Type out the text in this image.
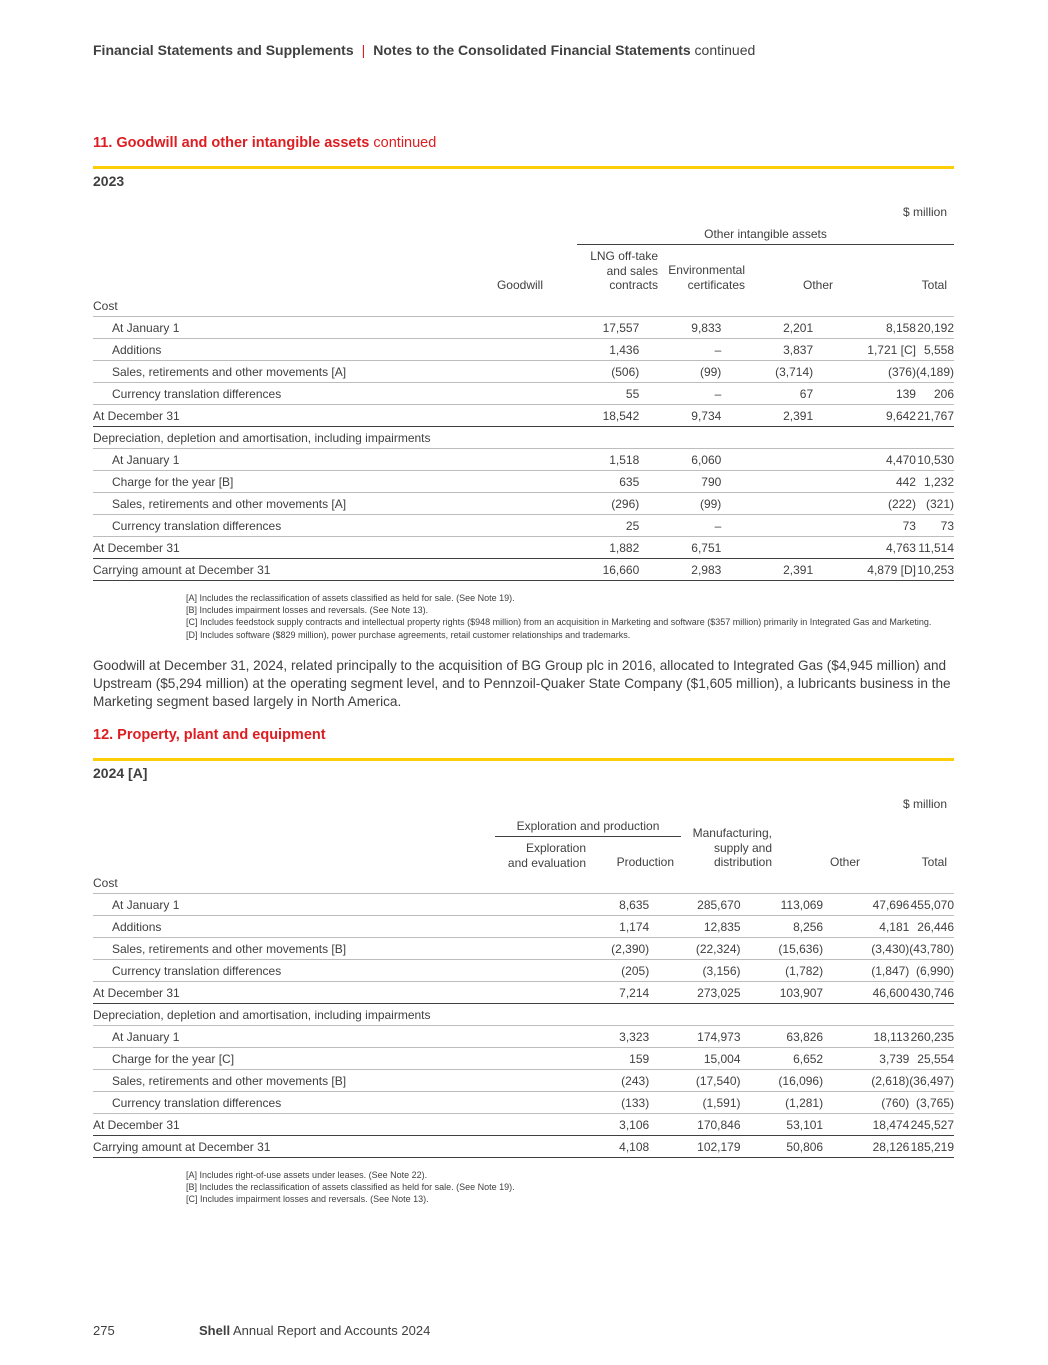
Financial Statements and Supplements | Notes to the Consolidated Financial Statements continued
11. Goodwill and other intangible assets continued
2023
$ million
Other intangible assets
Goodwill
LNG off-take
and sales
contracts
Environmental
certificates	Other	Total
Cost						
At January 1		17,557	9,833	2,201	8,158	20,192
Additions		1,436	–	3,837	1,721 [C]	5,558
Sales, retirements and other movements [A]		(506)	(99)	(3,714)	(376)	(4,189)
Currency translation differences		55	–	67	139	206
At December 31		18,542	9,734	2,391	9,642	21,767
Depreciation, depletion and amortisation, including impairments						
At January 1		1,518	6,060		4,470	10,530
Charge for the year [B]		635	790		442	1,232
Sales, retirements and other movements [A]		(296)	(99)		(222)	(321)
Currency translation differences		25	–		73	73
At December 31		1,882	6,751		4,763	11,514
Carrying amount at December 31		16,660	2,983	2,391	4,879 [D]	10,253
[A] Includes the reclassification of assets classified as held for sale. (See Note 19).
[B] Includes impairment losses and reversals. (See Note 13).
[C] Includes feedstock supply contracts and intellectual property rights ($948 million) from an acquisition in Marketing and software ($357 million) primarily in Integrated Gas and Marketing.
[D] Includes software ($829 million), power purchase agreements, retail customer relationships and trademarks.
Goodwill at December 31, 2024, related principally to the acquisition of BG Group plc in 2016, allocated to Integrated Gas ($4,945 million) and Upstream ($5,294 million) at the operating segment level, and to Pennzoil-Quaker State Company ($1,605 million), a lubricants business in the Marketing segment based largely in North America.
12. Property, plant and equipment
2024 [A]
$ million
Exploration and production
Exploration
and evaluation	Production
Manufacturing,
supply and
distribution	Other	Total
Cost						
At January 1		8,635	285,670	113,069	47,696	455,070
Additions		1,174	12,835	8,256	4,181	26,446
Sales, retirements and other movements [B]		(2,390)	(22,324)	(15,636)	(3,430)	(43,780)
Currency translation differences		(205)	(3,156)	(1,782)	(1,847)	(6,990)
At December 31		7,214	273,025	103,907	46,600	430,746
Depreciation, depletion and amortisation, including impairments						
At January 1		3,323	174,973	63,826	18,113	260,235
Charge for the year [C]		159	15,004	6,652	3,739	25,554
Sales, retirements and other movements [B]		(243)	(17,540)	(16,096)	(2,618)	(36,497)
Currency translation differences		(133)	(1,591)	(1,281)	(760)	(3,765)
At December 31		3,106	170,846	53,101	18,474	245,527
Carrying amount at December 31		4,108	102,179	50,806	28,126	185,219
[A] Includes right-of-use assets under leases. (See Note 22).
[B] Includes the reclassification of assets classified as held for sale. (See Note 19).
[C] Includes impairment losses and reversals. (See Note 13).
275	Shell Annual Report and Accounts 2024
